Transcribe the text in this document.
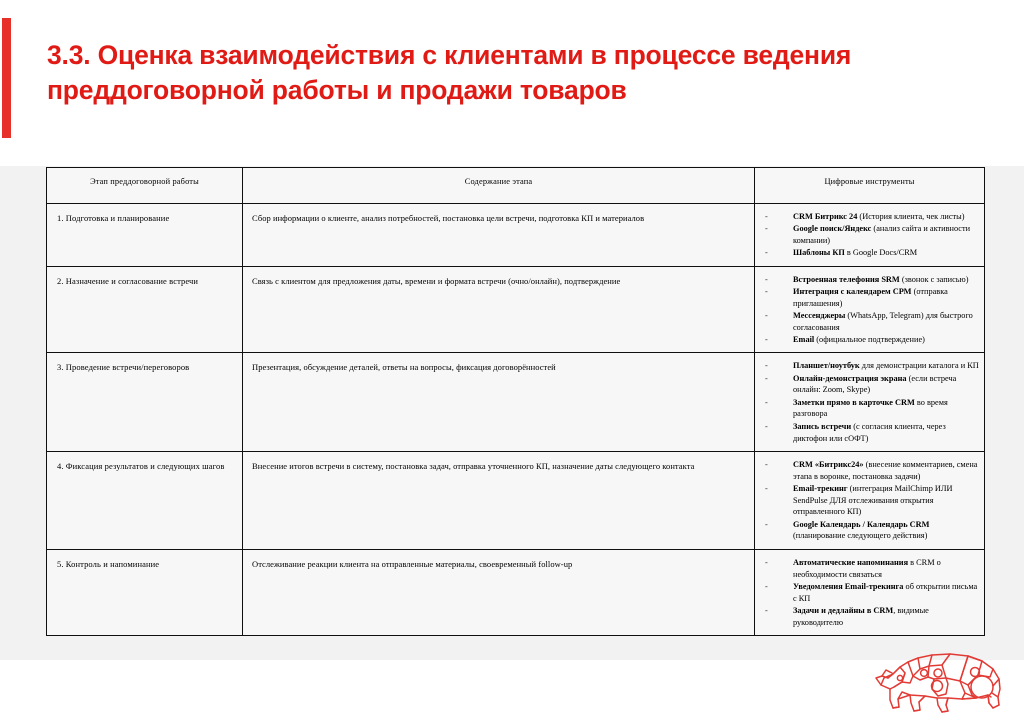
3.3. Оценка взаимодействия с клиентами в процессе ведения преддоговорной работы и продажи товаров
Этап преддоговорной работы	Содержание этапа	Цифровые инструменты
1. Подготовка и планирование	Сбор информации о клиенте, анализ потребностей, постановка цели встречи, подготовка КП и материалов	-	CRM Битрикс 24 (История клиента, чек листы)
-	Google поиск/Яндекс (анализ сайта и активности компании)
-	Шаблоны КП в Google Docs/CRM

2. Назначение и согласование встречи	Связь с клиентом для предложения даты, времени и формата встречи (очно/онлайн), подтверждение	-	Встроенная телефония SRM (звонок с записью)
-	Интеграция с календарем СРМ (отправка приглашения)
-	Мессенджеры (WhatsApp, Telegram) для быстрого согласования
-	Email (официальное подтверждение)

3. Проведение встречи/переговоров	Презентация, обсуждение деталей, ответы на вопросы, фиксация договорённостей	-	Планшет/ноутбук для демонстрации каталога и КП
-	Онлайн-демонстрация экрана (если встреча онлайн: Zoom, Skype)
-	Заметки прямо в карточке CRM во время разговора
-	Запись встречи (с согласия клиента, через диктофон или сОФТ)

4. Фиксация результатов и следующих шагов	Внесение итогов встречи в систему, постановка задач, отправка уточненного КП, назначение даты следующего контакта	-	CRM «Битрикс24» (внесение комментариев, смена этапа в воронке, постановка задачи)
-	Email-трекинг (интеграция MailChimp ИЛИ SendPulse ДЛЯ отслеживания открытия отправленного КП)
-	Google Календарь / Календарь CRM (планирование следующего действия)

5. Контроль и напоминание	Отслеживание реакции клиента на отправленные материалы, своевременный follow-up	-	Автоматические напоминания в CRM о необходимости связаться
-	Уведомления Email-трекинга об открытии письма с КП
-	Задачи и дедлайны в CRM, видимые руководителю
